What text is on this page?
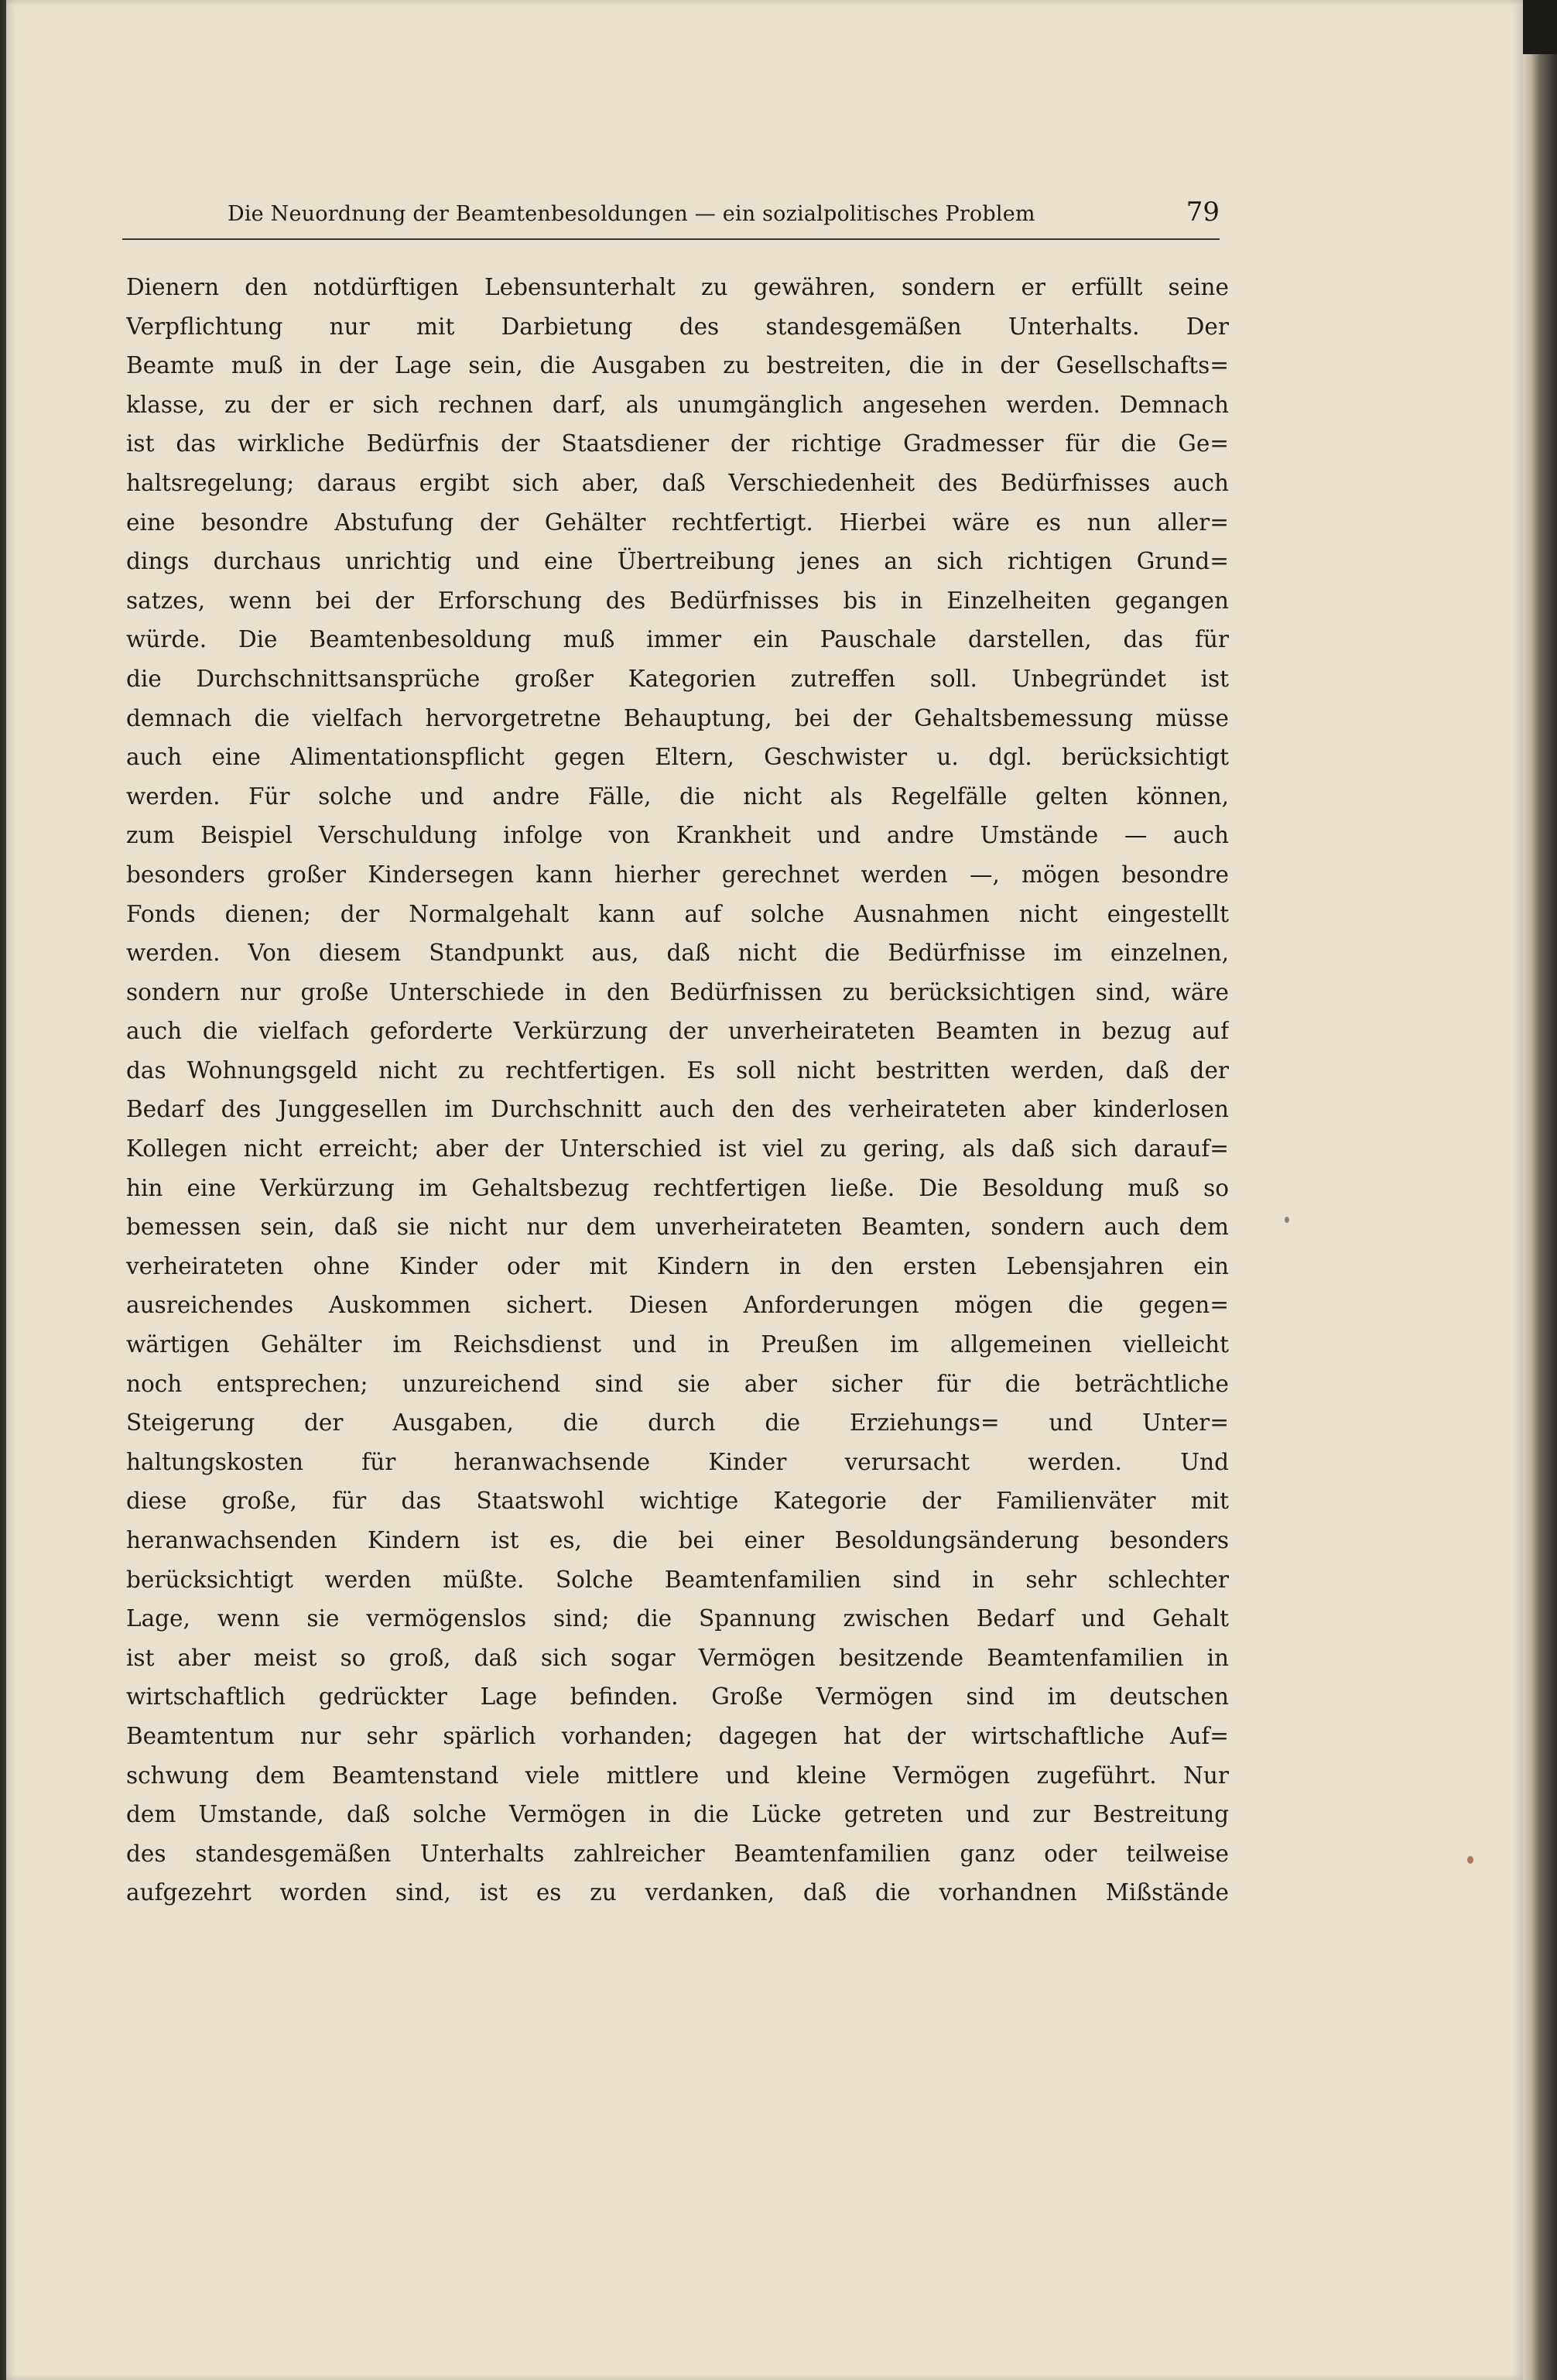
Die Neuordnung der Beamtenbesoldungen — ein sozialpolitisches Problem	79
Dienern den notdürftigen Lebensunterhalt zu gewähren, sondern er erfüllt seine
Verpflichtung nur mit Darbietung des standesgemäßen Unterhalts. Der
Beamte muß in der Lage sein, die Ausgaben zu bestreiten, die in der Gesellschafts=
klasse, zu der er sich rechnen darf, als unumgänglich angesehen werden. Demnach
ist das wirkliche Bedürfnis der Staatsdiener der richtige Gradmesser für die Ge=
haltsregelung; daraus ergibt sich aber, daß Verschiedenheit des Bedürfnisses auch
eine besondre Abstufung der Gehälter rechtfertigt. Hierbei wäre es nun aller=
dings durchaus unrichtig und eine Übertreibung jenes an sich richtigen Grund=
satzes, wenn bei der Erforschung des Bedürfnisses bis in Einzelheiten gegangen
würde. Die Beamtenbesoldung muß immer ein Pauschale darstellen, das für
die Durchschnittsansprüche großer Kategorien zutreffen soll. Unbegründet ist
demnach die vielfach hervorgetretne Behauptung, bei der Gehaltsbemessung müsse
auch eine Alimentationspflicht gegen Eltern, Geschwister u. dgl. berücksichtigt
werden. Für solche und andre Fälle, die nicht als Regelfälle gelten können,
zum Beispiel Verschuldung infolge von Krankheit und andre Umstände — auch
besonders großer Kindersegen kann hierher gerechnet werden —, mögen besondre
Fonds dienen; der Normalgehalt kann auf solche Ausnahmen nicht eingestellt
werden. Von diesem Standpunkt aus, daß nicht die Bedürfnisse im einzelnen,
sondern nur große Unterschiede in den Bedürfnissen zu berücksichtigen sind, wäre
auch die vielfach geforderte Verkürzung der unverheirateten Beamten in bezug auf
das Wohnungsgeld nicht zu rechtfertigen. Es soll nicht bestritten werden, daß der
Bedarf des Junggesellen im Durchschnitt auch den des verheirateten aber kinderlosen
Kollegen nicht erreicht; aber der Unterschied ist viel zu gering, als daß sich darauf=
hin eine Verkürzung im Gehaltsbezug rechtfertigen ließe. Die Besoldung muß so
bemessen sein, daß sie nicht nur dem unverheirateten Beamten, sondern auch dem
verheirateten ohne Kinder oder mit Kindern in den ersten Lebensjahren ein
ausreichendes Auskommen sichert. Diesen Anforderungen mögen die gegen=
wärtigen Gehälter im Reichsdienst und in Preußen im allgemeinen vielleicht
noch entsprechen; unzureichend sind sie aber sicher für die beträchtliche
Steigerung der Ausgaben, die durch die Erziehungs= und Unter=
haltungskosten für heranwachsende Kinder verursacht werden. Und
diese große, für das Staatswohl wichtige Kategorie der Familienväter mit
heranwachsenden Kindern ist es, die bei einer Besoldungsänderung besonders
berücksichtigt werden müßte. Solche Beamtenfamilien sind in sehr schlechter
Lage, wenn sie vermögenslos sind; die Spannung zwischen Bedarf und Gehalt
ist aber meist so groß, daß sich sogar Vermögen besitzende Beamtenfamilien in
wirtschaftlich gedrückter Lage befinden. Große Vermögen sind im deutschen
Beamtentum nur sehr spärlich vorhanden; dagegen hat der wirtschaftliche Auf=
schwung dem Beamtenstand viele mittlere und kleine Vermögen zugeführt. Nur
dem Umstande, daß solche Vermögen in die Lücke getreten und zur Bestreitung
des standesgemäßen Unterhalts zahlreicher Beamtenfamilien ganz oder teilweise
aufgezehrt worden sind, ist es zu verdanken, daß die vorhandnen Mißstände
